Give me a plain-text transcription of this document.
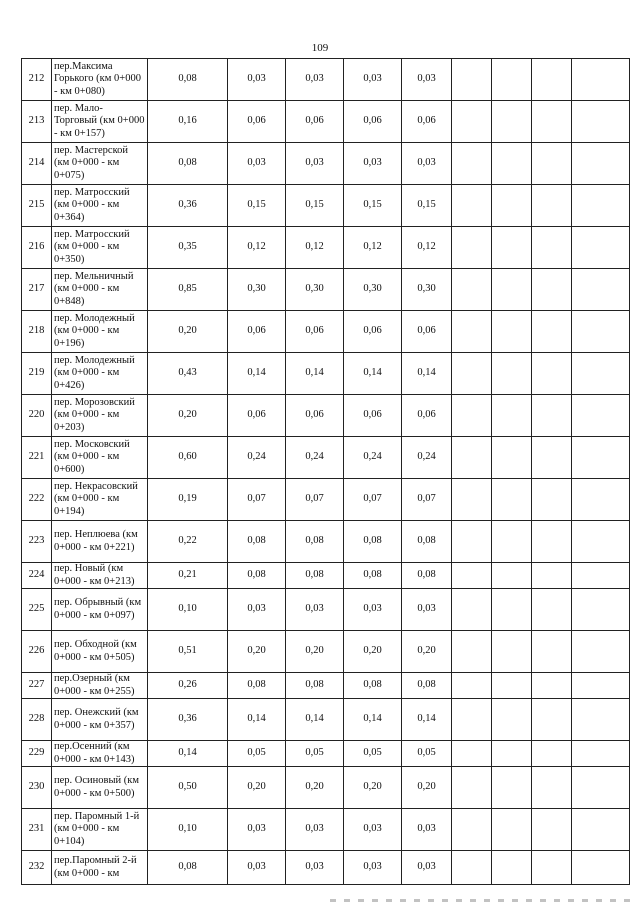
109
212	пер.Максима Горького (км 0+000 - км 0+080)	0,08	0,03	0,03	0,03	0,03				
213	пер. Мало-Торговый (км 0+000 - км 0+157)	0,16	0,06	0,06	0,06	0,06				
214	пер. Мастерской (км 0+000 - км 0+075)	0,08	0,03	0,03	0,03	0,03				
215	пер. Матросский (км 0+000 - км 0+364)	0,36	0,15	0,15	0,15	0,15				
216	пер. Матросский (км 0+000 - км 0+350)	0,35	0,12	0,12	0,12	0,12				
217	пер. Мельничный (км 0+000 - км 0+848)	0,85	0,30	0,30	0,30	0,30				
218	пер. Молодежный (км 0+000 - км 0+196)	0,20	0,06	0,06	0,06	0,06				
219	пер. Молодежный (км 0+000 - км 0+426)	0,43	0,14	0,14	0,14	0,14				
220	пер. Морозовский (км 0+000 - км 0+203)	0,20	0,06	0,06	0,06	0,06				
221	пер. Московский (км 0+000 - км 0+600)	0,60	0,24	0,24	0,24	0,24				
222	пер. Некрасовский (км 0+000 - км 0+194)	0,19	0,07	0,07	0,07	0,07				
223	пер. Неплюева (км 0+000 - км 0+221)	0,22	0,08	0,08	0,08	0,08				
224	пер. Новый (км 0+000 - км 0+213)	0,21	0,08	0,08	0,08	0,08				
225	пер. Обрывный (км 0+000 - км 0+097)	0,10	0,03	0,03	0,03	0,03				
226	пер. Обходной (км 0+000 - км 0+505)	0,51	0,20	0,20	0,20	0,20				
227	пер.Озерный (км 0+000 - км 0+255)	0,26	0,08	0,08	0,08	0,08				
228	пер. Онежский (км 0+000 - км 0+357)	0,36	0,14	0,14	0,14	0,14				
229	пер.Осенний (км 0+000 - км 0+143)	0,14	0,05	0,05	0,05	0,05				
230	пер. Осиновый (км 0+000 - км 0+500)	0,50	0,20	0,20	0,20	0,20				
231	пер. Паромный 1-й (км 0+000 - км 0+104)	0,10	0,03	0,03	0,03	0,03				
232	пер.Паромный 2-й (км 0+000 - км	0,08	0,03	0,03	0,03	0,03				
